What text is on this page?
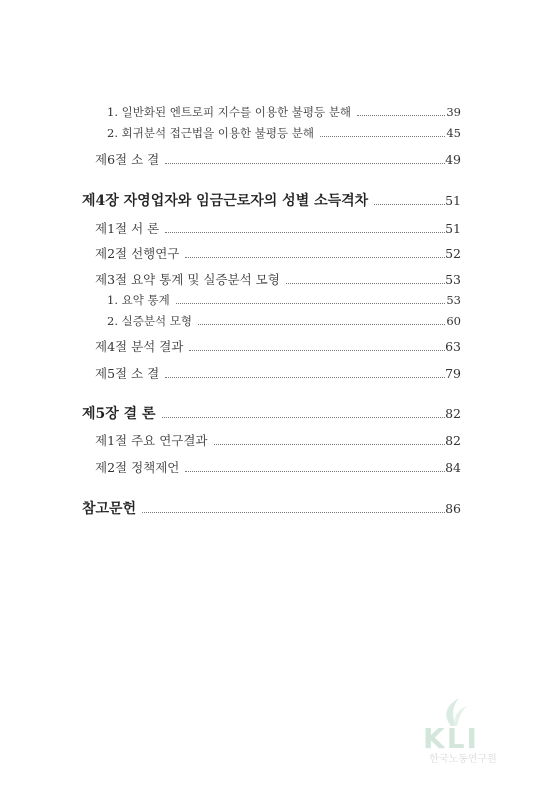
1. 일반화된 엔트로피 지수를 이용한 불평등 분해	39
2. 회귀분석 접근법을 이용한 불평등 분해	45
제6절 소 결	49
제4장 자영업자와 임금근로자의 성별 소득격차	51
제1절 서 론	51
제2절 선행연구	52
제3절 요약 통계 및 실증분석 모형	53
1. 요약 통계	53
2. 실증분석 모형	60
제4절 분석 결과	63
제5절 소 결	79
제5장 결 론	82
제1절 주요 연구결과	82
제2절 정책제언	84
참고문헌	86
KLI
한국노동연구원
